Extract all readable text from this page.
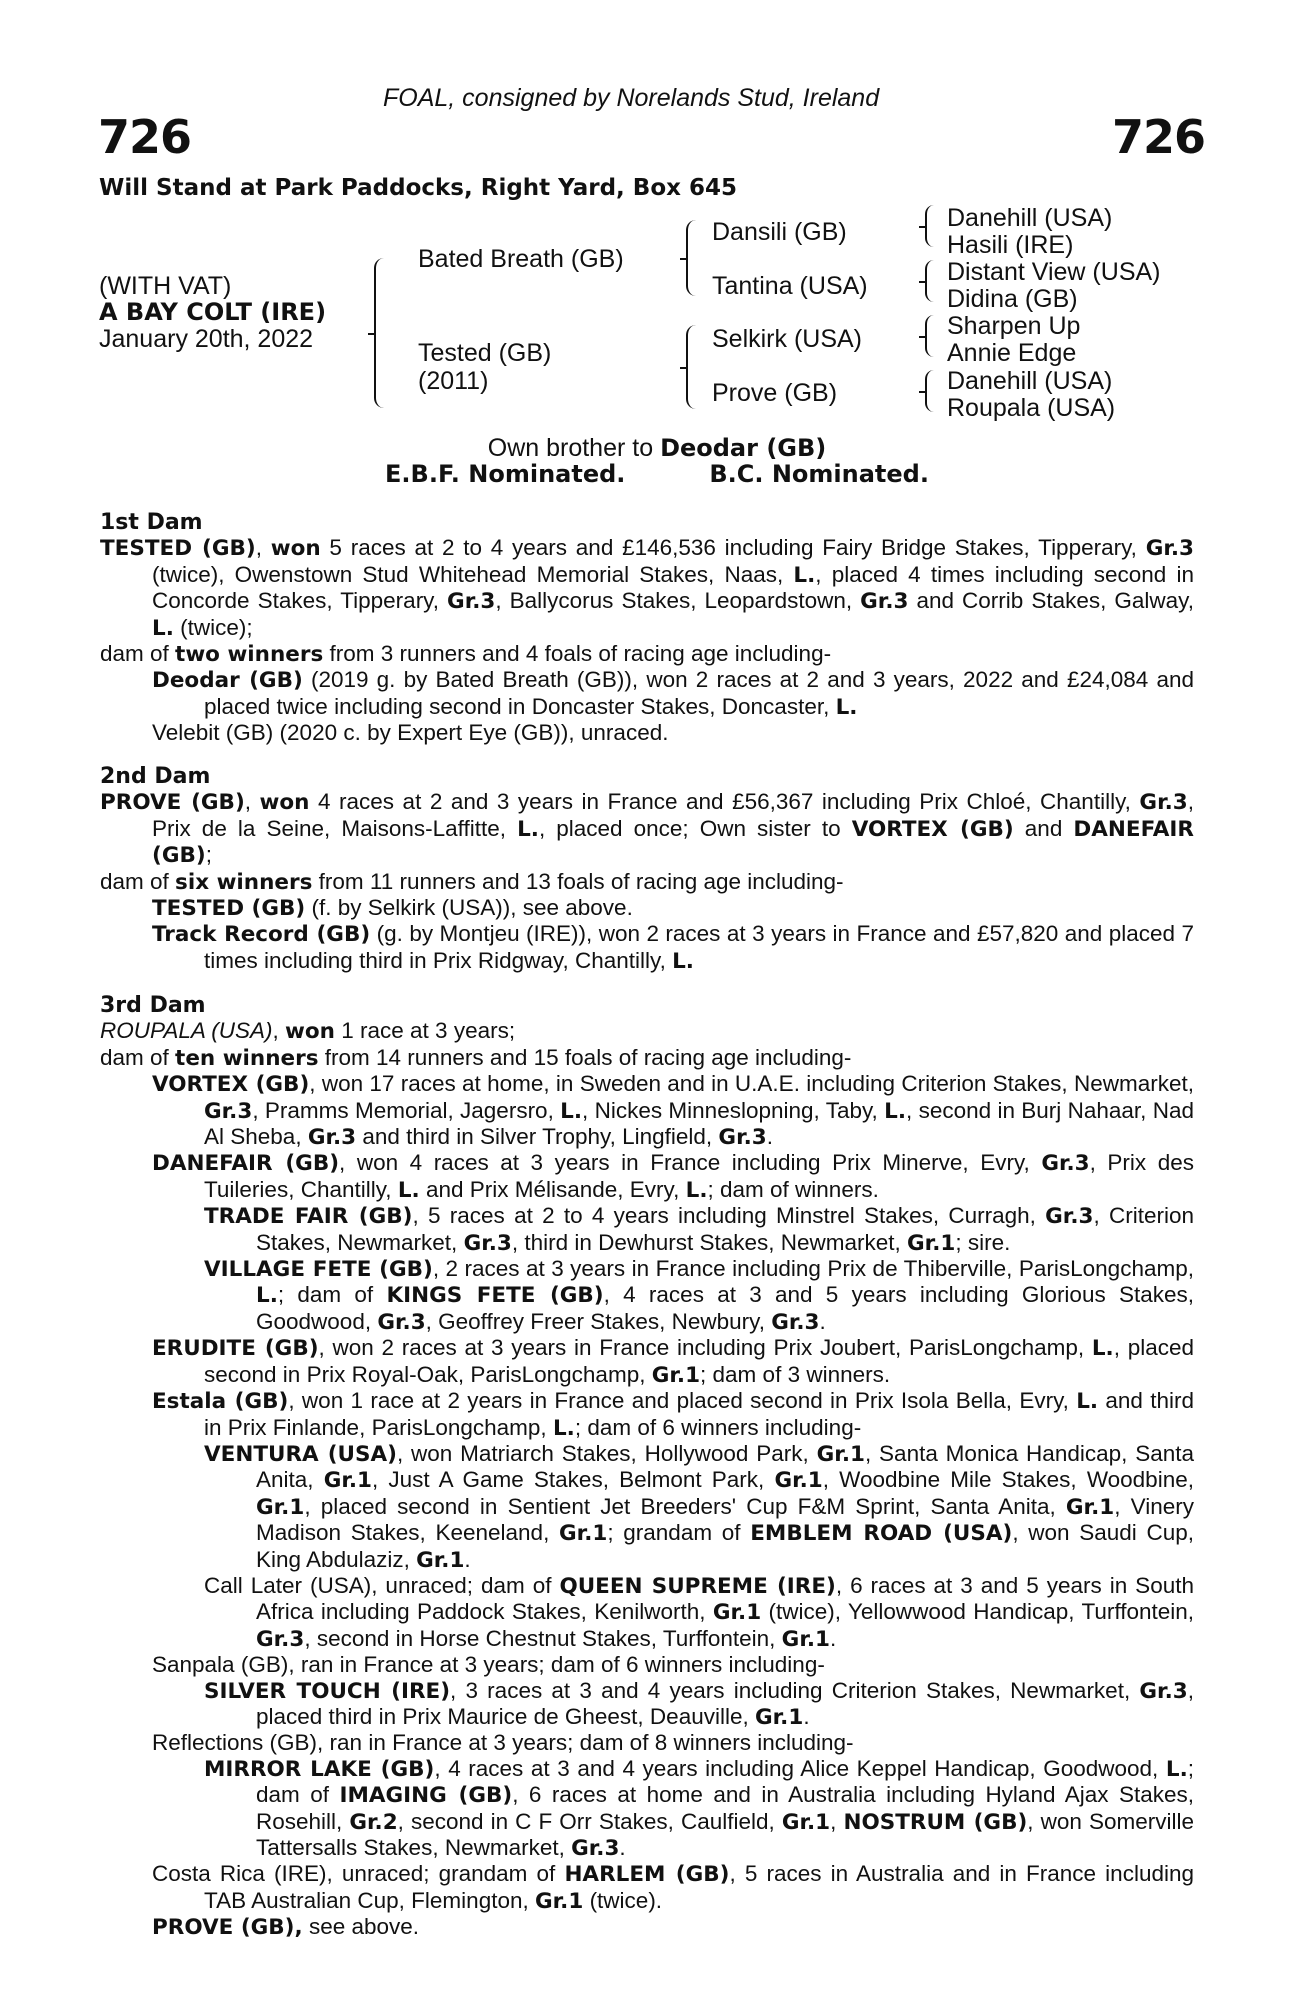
FOAL, consigned by Norelands Stud, Ireland
726	726
Will Stand at Park Paddocks, Right Yard, Box 645
(WITH VAT)
A BAY COLT (IRE)
January 20th, 2022
Bated Breath (GB)
Tested (GB)
(2011)
Dansili (GB)
Tantina (USA)
Selkirk (USA)
Prove (GB)
Danehill (USA)
Hasili (IRE)
Distant View (USA)
Didina (GB)
Sharpen Up
Annie Edge
Danehill (USA)
Roupala (USA)
Own brother to Deodar (GB)
E.B.F. Nominated.	B.C. Nominated.
1st Dam

TESTED (GB), won 5 races at 2 to 4 years and £146,536 including Fairy Bridge Stakes, Tipperary, Gr.3 (twice), Owenstown Stud Whitehead Memorial Stakes, Naas, L., placed 4 times including second in Concorde Stakes, Tipperary, Gr.3, Ballycorus Stakes, Leopardstown, Gr.3 and Corrib Stakes, Galway, L. (twice);

dam of two winners from 3 runners and 4 foals of racing age including-

Deodar (GB) (2019 g. by Bated Breath (GB)), won 2 races at 2 and 3 years, 2022 and £24,084 and placed twice including second in Doncaster Stakes, Doncaster, L.

Velebit (GB) (2020 c. by Expert Eye (GB)), unraced.

2nd Dam

PROVE (GB), won 4 races at 2 and 3 years in France and £56,367 including Prix Chloé, Chantilly, Gr.3, Prix de la Seine, Maisons-Laffitte, L., placed once; Own sister to VORTEX (GB) and DANEFAIR (GB);

dam of six winners from 11 runners and 13 foals of racing age including-

TESTED (GB) (f. by Selkirk (USA)), see above.

Track Record (GB) (g. by Montjeu (IRE)), won 2 races at 3 years in France and £57,820 and placed 7 times including third in Prix Ridgway, Chantilly, L.

3rd Dam

ROUPALA (USA), won 1 race at 3 years;

dam of ten winners from 14 runners and 15 foals of racing age including-

VORTEX (GB), won 17 races at home, in Sweden and in U.A.E. including Criterion Stakes, Newmarket, Gr.3, Pramms Memorial, Jagersro, L., Nickes Minneslopning, Taby, L., second in Burj Nahaar, Nad Al Sheba, Gr.3 and third in Silver Trophy, Lingfield, Gr.3.

DANEFAIR (GB), won 4 races at 3 years in France including Prix Minerve, Evry, Gr.3, Prix des Tuileries, Chantilly, L. and Prix Mélisande, Evry, L.; dam of winners.

TRADE FAIR (GB), 5 races at 2 to 4 years including Minstrel Stakes, Curragh, Gr.3, Criterion Stakes, Newmarket, Gr.3, third in Dewhurst Stakes, Newmarket, Gr.1; sire.

VILLAGE FETE (GB), 2 races at 3 years in France including Prix de Thiberville, ParisLongchamp, L.; dam of KINGS FETE (GB), 4 races at 3 and 5 years including Glorious Stakes, Goodwood, Gr.3, Geoffrey Freer Stakes, Newbury, Gr.3.

ERUDITE (GB), won 2 races at 3 years in France including Prix Joubert, ParisLongchamp, L., placed second in Prix Royal-Oak, ParisLongchamp, Gr.1; dam of 3 winners.

Estala (GB), won 1 race at 2 years in France and placed second in Prix Isola Bella, Evry, L. and third in Prix Finlande, ParisLongchamp, L.; dam of 6 winners including-

VENTURA (USA), won Matriarch Stakes, Hollywood Park, Gr.1, Santa Monica Handicap, Santa Anita, Gr.1, Just A Game Stakes, Belmont Park, Gr.1, Woodbine Mile Stakes, Woodbine, Gr.1, placed second in Sentient Jet Breeders' Cup F&M Sprint, Santa Anita, Gr.1, Vinery Madison Stakes, Keeneland, Gr.1; grandam of EMBLEM ROAD (USA), won Saudi Cup, King Abdulaziz, Gr.1.

Call Later (USA), unraced; dam of QUEEN SUPREME (IRE), 6 races at 3 and 5 years in South Africa including Paddock Stakes, Kenilworth, Gr.1 (twice), Yellowwood Handicap, Turffontein, Gr.3, second in Horse Chestnut Stakes, Turffontein, Gr.1.

Sanpala (GB), ran in France at 3 years; dam of 6 winners including-

SILVER TOUCH (IRE), 3 races at 3 and 4 years including Criterion Stakes, Newmarket, Gr.3, placed third in Prix Maurice de Gheest, Deauville, Gr.1.

Reflections (GB), ran in France at 3 years; dam of 8 winners including-

MIRROR LAKE (GB), 4 races at 3 and 4 years including Alice Keppel Handicap, Goodwood, L.; dam of IMAGING (GB), 6 races at home and in Australia including Hyland Ajax Stakes, Rosehill, Gr.2, second in C F Orr Stakes, Caulfield, Gr.1, NOSTRUM (GB), won Somerville Tattersalls Stakes, Newmarket, Gr.3.

Costa Rica (IRE), unraced; grandam of HARLEM (GB), 5 races in Australia and in France including TAB Australian Cup, Flemington, Gr.1 (twice).

PROVE (GB), see above.
